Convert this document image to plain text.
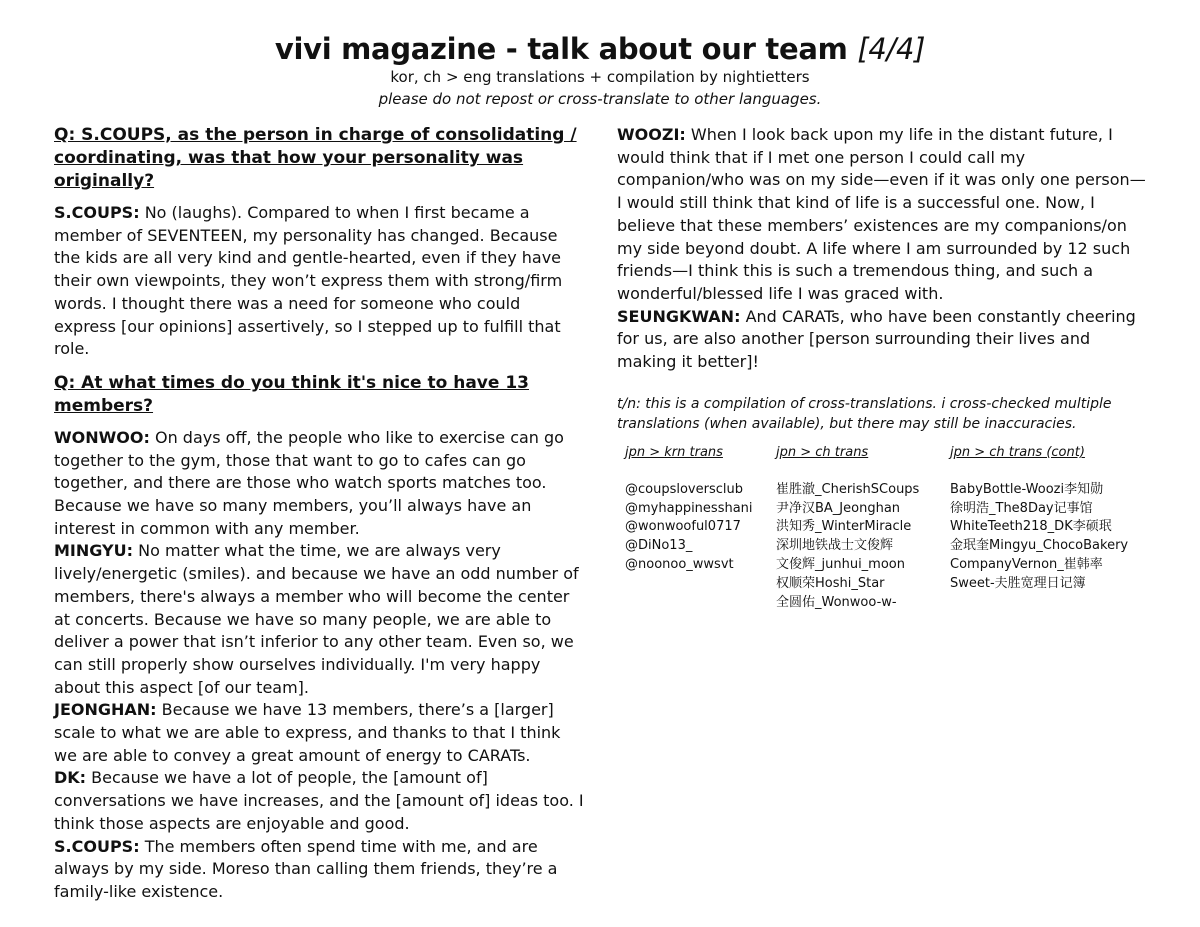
vivi magazine - talk about our team [4/4]
kor, ch > eng translations + compilation by nightietters
please do not repost or cross-translate to other languages.

Q: S.COUPS, as the person in charge of consolidating / coordinating, was that how your personality was originally?

S.COUPS: No (laughs). Compared to when I first became a member of SEVENTEEN, my personality has changed. Because the kids are all very kind and gentle-hearted, even if they have their own viewpoints, they won’t express them with strong/firm words. I thought there was a need for someone who could express [our opinions] assertively, so I stepped up to fulfill that role.

Q: At what times do you think it's nice to have 13 members?

WONWOO: On days off, the people who like to exercise can go together to the gym, those that want to go to cafes can go together, and there are those who watch sports matches too. Because we have so many members, you’ll always have an interest in common with any member.

MINGYU: No matter what the time, we are always very lively/energetic (smiles). and because we have an odd number of members, there's always a member who will become the center at concerts. Because we have so many people, we are able to deliver a power that isn’t inferior to any other team. Even so, we can still properly show ourselves individually. I'm very happy about this aspect [of our team].

JEONGHAN: Because we have 13 members, there’s a [larger] scale to what we are able to express, and thanks to that I think we are able to convey a great amount of energy to CARATs.

DK: Because we have a lot of people, the [amount of] conversations we have increases, and the [amount of] ideas too. I think those aspects are enjoyable and good.

S.COUPS: The members often spend time with me, and are always by my side. Moreso than calling them friends, they’re a family-like existence.

WOOZI: When I look back upon my life in the distant future, I would think that if I met one person I could call my companion/who was on my side—even if it was only one person—I would still think that kind of life is a successful one. Now, I believe that these members’ existences are my companions/on my side beyond doubt. A life where I am surrounded by 12 such friends—I think this is such a tremendous thing, and such a wonderful/blessed life I was graced with.

SEUNGKWAN: And CARATs, who have been constantly cheering for us, are also another [person surrounding their lives and making it better]!

t/n: this is a compilation of cross-translations. i cross-checked multiple translations (when available), but there may still be inaccuracies.
jpn > krn trans
@coupsloversclub
@myhappinesshani
@wonwooful0717
@DiNo13_
@noonoo_wwsvt
jpn > ch trans
崔胜澈_CherishSCoups
尹净汉BA_Jeonghan
洪知秀_WinterMiracle
深圳地铁战士文俊辉
文俊辉_junhui_moon
权顺荣Hoshi_Star
全圆佑_Wonwoo-w-
jpn > ch trans (cont)
BabyBottle-Woozi李知勋
徐明浩_The8Day记事馆
WhiteTeeth218_DK李硕珉
金珉奎Mingyu_ChocoBakery
CompanyVernon_崔韩率
Sweet-夫胜宽理日记簿
